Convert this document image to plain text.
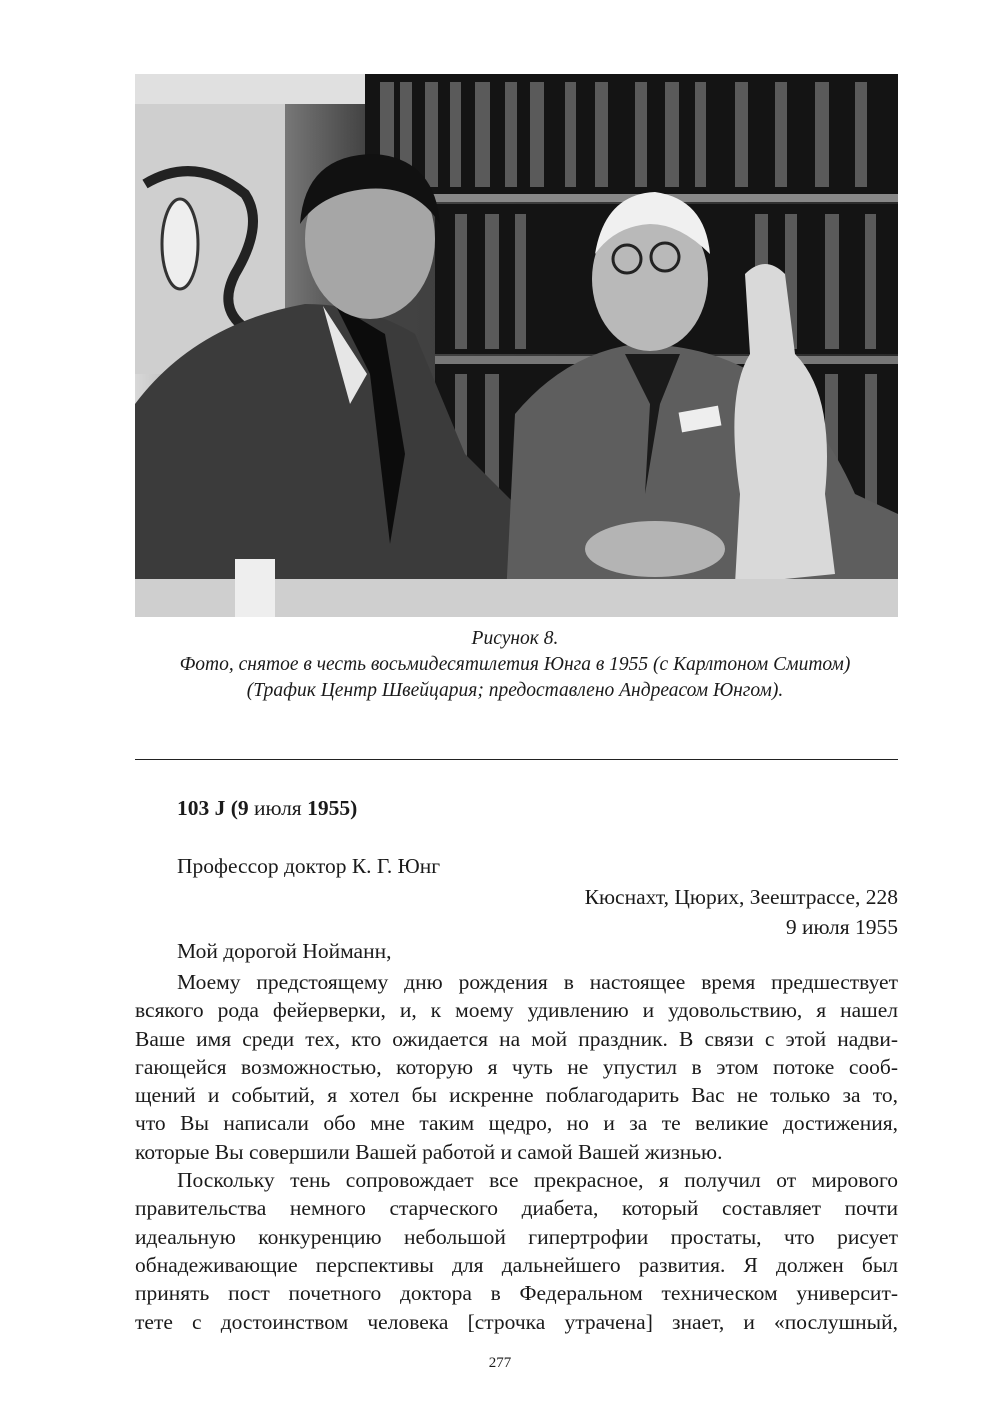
Рисунок 8.
Фото, снятое в честь восьмидесятилетия Юнга в 1955 (с Карлтоном Смитом)
(Трафик Центр Швейцария; предоставлено Андреасом Юнгом).
103 J (9 июля 1955)
Профессор доктор К. Г. Юнг
Кюснахт, Цюрих, Зеештрассе, 228
9 июля 1955
Мой дорогой Нойманн,
Моему предстоящему дню рождения в настоящее время предшествует
всякого рода фейерверки, и, к моему удивлению и удовольствию, я нашел
Ваше имя среди тех, кто ожидается на мой праздник. В связи с этой надви-
гающейся возможностью, которую я чуть не упустил в этом потоке сооб-
щений и событий, я хотел бы искренне поблагодарить Вас не только за то,
что Вы написали обо мне таким щедро, но и за те великие достижения,
которые Вы совершили Вашей работой и самой Вашей жизнью.
Поскольку тень сопровождает все прекрасное, я получил от мирового
правительства немного старческого диабета, который составляет почти
идеальную конкуренцию небольшой гипертрофии простаты, что рисует
обнадеживающие перспективы для дальнейшего развития. Я должен был
принять пост почетного доктора в Федеральном техническом университ-
тете с достоинством человека [строчка утрачена] знает, и «послушный,
277
